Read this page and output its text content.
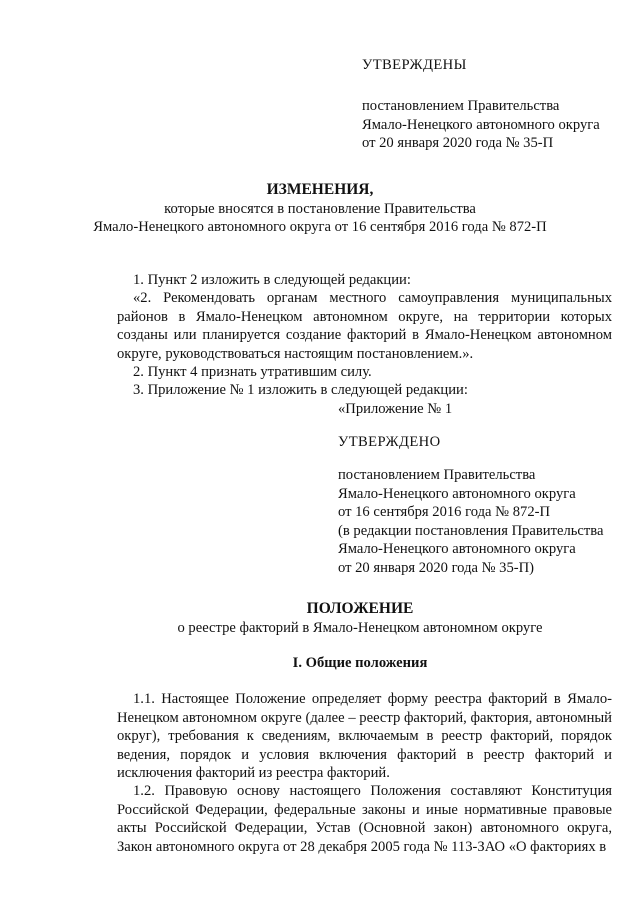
УТВЕРЖДЕНЫ
постановлением Правительства
Ямало-Ненецкого автономного округа
от 20 января 2020 года № 35-П
ИЗМЕНЕНИЯ,
которые вносятся в постановление Правительства
Ямало-Ненецкого автономного округа от 16 сентября 2016 года № 872-П
1. Пункт 2 изложить в следующей редакции:
«2. Рекомендовать органам местного самоуправления муниципальных районов в Ямало-Ненецком автономном округе, на территории которых созданы или планируется создание факторий в Ямало-Ненецком автономном округе, руководствоваться настоящим постановлением.».
2. Пункт 4 признать утратившим силу.
3. Приложение № 1 изложить в следующей редакции:
«Приложение № 1
УТВЕРЖДЕНО
постановлением Правительства
Ямало-Ненецкого автономного округа
от 16 сентября 2016 года № 872-П
(в редакции постановления Правительства
Ямало-Ненецкого автономного округа
от 20 января 2020 года № 35-П)
ПОЛОЖЕНИЕ
о реестре факторий в Ямало-Ненецком автономном округе
I. Общие положения
1.1. Настоящее Положение определяет форму реестра факторий в Ямало-Ненецком автономном округе (далее – реестр факторий, фактория, автономный округ), требования к сведениям, включаемым в реестр факторий, порядок ведения, порядок и условия включения факторий в реестр факторий и исключения факторий из реестра факторий.
1.2. Правовую основу настоящего Положения составляют Конституция Российской Федерации, федеральные законы и иные нормативные правовые акты Российской Федерации, Устав (Основной закон) автономного округа, Закон автономного округа от 28 декабря 2005 года № 113-ЗАО «О факториях в
